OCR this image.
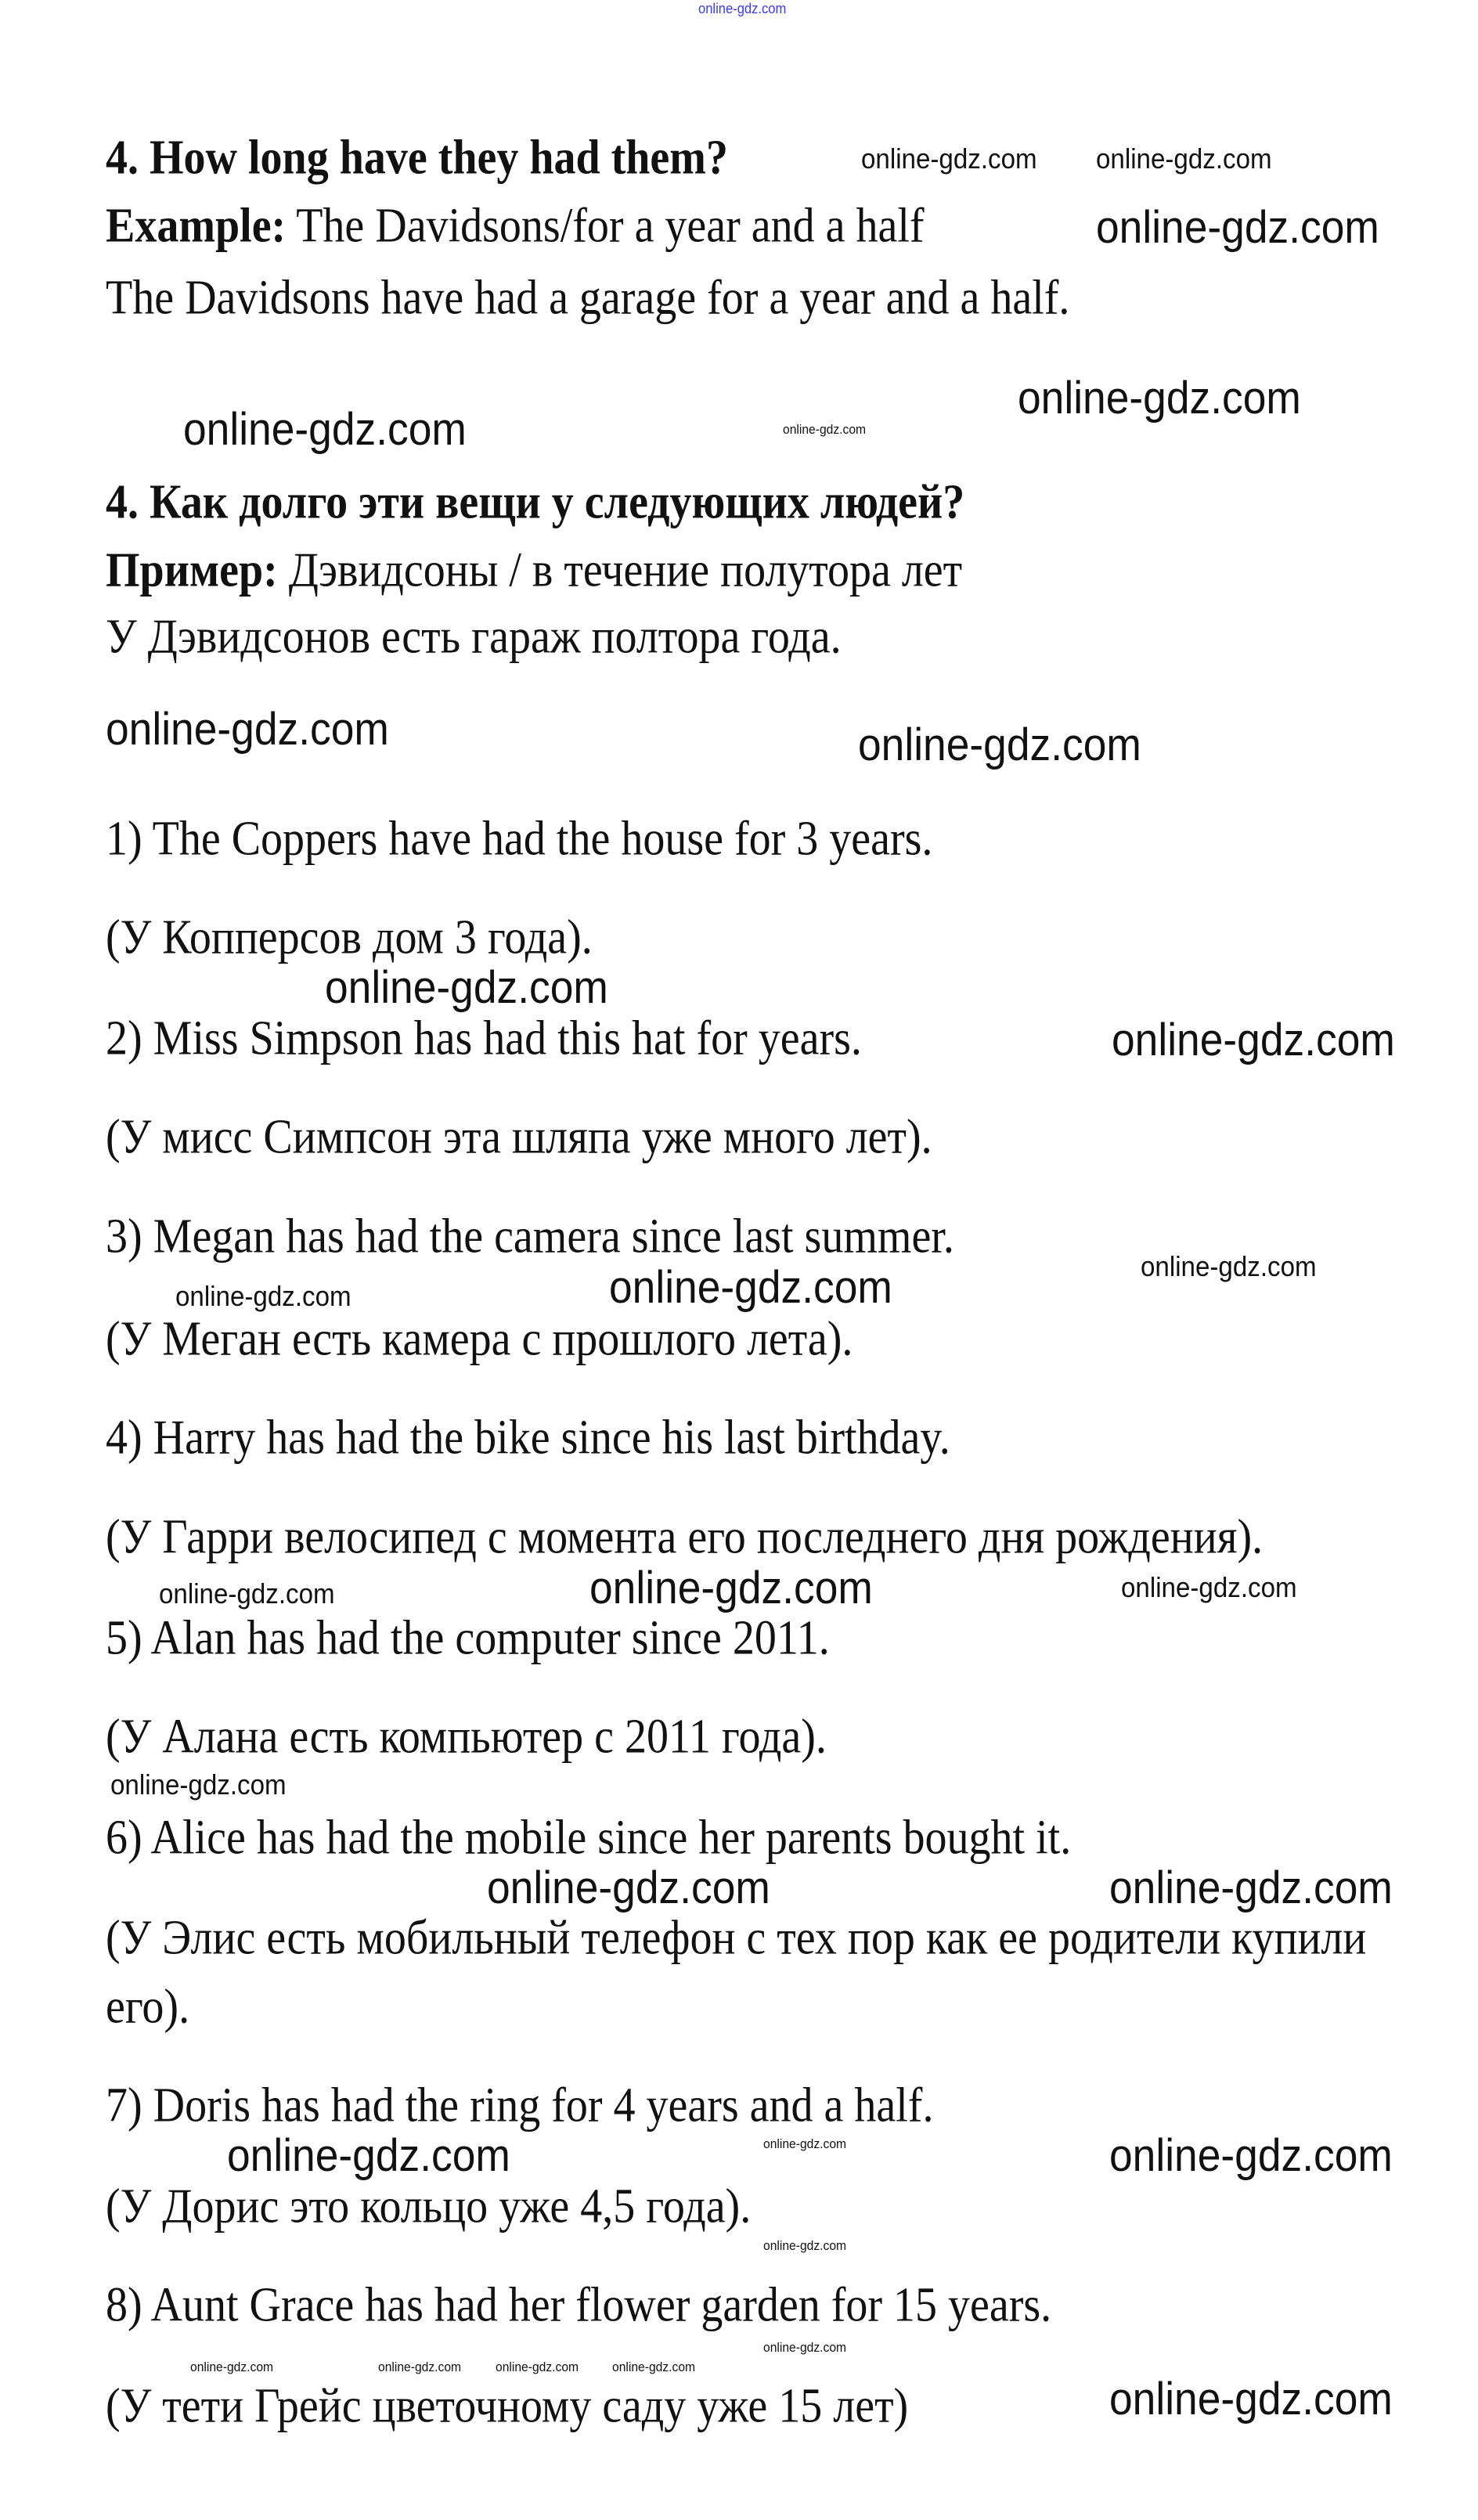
online-gdz.com
4. How long have they had them?
Example: The Davidsons/for a year and a half
The Davidsons have had a garage for a year and a half.
4. Как долго эти вещи у следующих людей?
Пример: Дэвидсоны / в течение полутора лет
У Дэвидсонов есть гараж полтора года.
1) The Coppers have had the house for 3 years.
(У Копперсов дом 3 года).
2) Miss Simpson has had this hat for years.
(У мисс Симпсон эта шляпа уже много лет).
3) Megan has had the camera since last summer.
(У Меган есть камера с прошлого лета).
4) Harry has had the bike since his last birthday.
(У Гарри велосипед с момента его последнего дня рождения).
5) Alan has had the computer since 2011.
(У Алана есть компьютер с 2011 года).
6) Alice has had the mobile since her parents bought it.
(У Элис есть мобильный телефон с тех пор как ее родители купили
его).
7) Doris has had the ring for 4 years and a half.
(У Дорис это кольцо уже 4,5 года).
8) Aunt Grace has had her flower garden for 15 years.
(У тети Грейс цветочному саду уже 15 лет)
online-gdz.com online-gdz.com
online-gdz.com
online-gdz.com	online-gdz.com
online-gdz.com
online-gdz.com	online-gdz.com
online-gdz.com
online-gdz.com
online-gdz.com
online-gdz.com
online-gdz.com
online-gdz.com	online-gdz.com
online-gdz.com
online-gdz.com
online-gdz.com	online-gdz.com
online-gdz.com
online-gdz.com	online-gdz.com
online-gdz.com
online-gdz.com
online-gdz.com	online-gdz.com	online-gdz.com	online-gdz.com
online-gdz.com
